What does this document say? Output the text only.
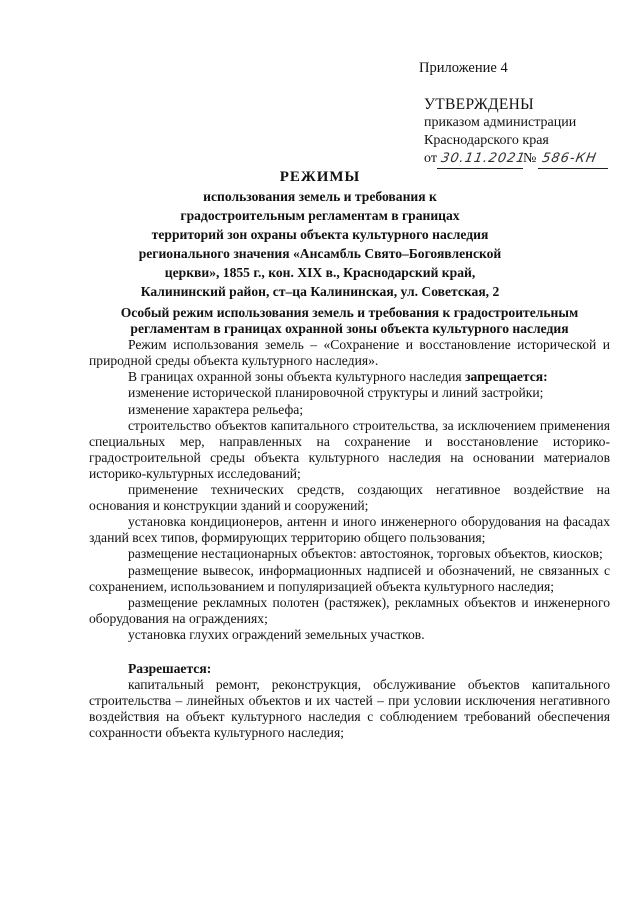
Приложение 4
УТВЕРЖДЕНЫ
приказом администрации
Краснодарского края
от 30.11.2021
№ 586-КН

РЕЖИМЫ
использования земель и требования к
градостроительным регламентам в границах
территорий зон охраны объекта культурного наследия
регионального значения «Ансамбль Свято–Богоявленской
церкви», 1855 г., кон. XIX в., Краснодарский край,
Калининский район, ст–ца Калининская, ул. Советская, 2

Особый режим использования земель и требования к градострoительным регламентам в границах охранной зоны объекта культурного наследия

Режим использования земель – «Сохранение и восстановление исторической и природной среды объекта культурного наследия».

В границах охранной зоны объекта культурного наследия запрещается:

изменение исторической планировочной структуры и линий застройки;

изменение характера рельефа;

строительство объектов капитального строительства, за исключением применения специальных мер, направленных на сохранение и восстановление историко-градостроительной среды объекта культурного наследия на основании материалов историко-культурных исследований;

применение технических средств, создающих негативное воздействие на основания и конструкции зданий и сооружений;

установка кондиционеров, антенн и иного инженерного оборудования на фасадах зданий всех типов, формирующих территорию общего пользования;

размещение нестационарных объектов: автостоянок, торговых объектов, киосков;

размещение вывесок, информационных надписей и обозначений, не связанных с сохранением, использованием и популяризацией объекта культурного наследия;

размещение рекламных полотен (растяжек), рекламных объектов и инженерного оборудования на ограждениях;

установка глухих ограждений земельных участков.

Разрешается:

капитальный ремонт, реконструкция, обслуживание объектов капитального строительства – линейных объектов и их частей – при условии исключения негативного воздействия на объект культурного наследия с соблюдением требований обеспечения сохранности объекта культурного наследия;
